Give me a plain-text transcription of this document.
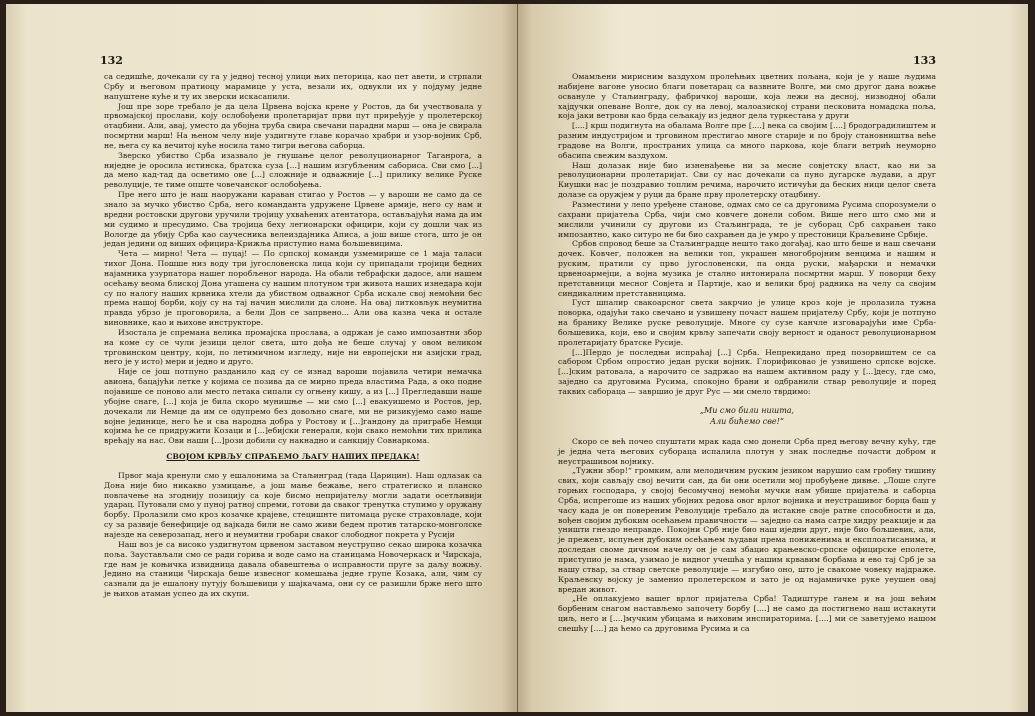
132

са седишће, дочекали су га у једној тесној улици њих петорица, као пет авети, и стрпали Србу и његовом пратиоцу марамице у уста, везали их, одвукли их у појдуму једне напуштене куће и ту их зверски искасапили.

Још пре зоре требало је да цела Црвена војска крене у Ростов, да би учествовала у првомајској прослави, коју ослобођени пролетаријат први пут приређује у пролетерској отаџбини. Али, авај, уместо да убојна труба свира свечани парадни марш — она је свирала посмртни марш! На њеном челу није уздигнуте главе корачао храбри и узор-војник Срб, не, њега су ка вечитој куће носила тамо тигри његова саборца.

Зверско убиство Срба изазвало је гнушање целог револуционарног Таганрога, а ниједне је оросила истинска, братска суза [...] нашим изгубљеним сабориса. Сви смо [...] да мено кад-тад да осветимо ове [...] сложније и одважније [...] прилику велике Руске револуције, те тиме опште човечанског ослобођења.

Пре него што је наш наоружани караван стигао у Ростов — у вароши не само да се знало за мучко убиство Срба, него команданта удружене Црвене армије, него су нам и вредни ростовски другови уручили тројицу ухваћених атентатора, остављајући нама да им ми судимо и пресудимо. Сва тројица беху легионарски официри, који су дошли чак из Вологде да убију Срба као саучесника велеиздајника Аписа, а још више стога, што је он један једини од виших официра-Крижља приступио нама бољшевицима.

Чета — мирно! Чета — пуцај! — По српској команди узмемирише се 1 маја таласи тихог Дона. Пошше низ воду три југословенска лица који су припадали тројици бедних најамника узурпатора нашег поробљеног народа. На обали тебрафски дадосе, али нашем осећању веома блиској Дона угашена су нашим плотуном три живота наших изнедара који су по налогу наших крвника хтели да убиством одважног Срба искале свој немоћни бес према нашој борби, коју су на тај начин мислили да слоне. На овај литковљук неумитна правда убрзо је проговорила, а бели Дон се запрвено... Али ова казна чека и остале виновнике, као и њихове инструкторе.

Изостала је спремана велика промајска прослава, а одржан је само импозантни збор на коме су се чули језици целог света, што дођа не беше случај у овом великом трговинском центру, који, по летимичном изгледу, није ни европејски ни азијски град, него је у исто) мери и једно и друго.

Није се још потпуно разданило кад су се изнад вароши појавила четири немачка авиона, бацајући летке у којима се позива да се мирно преда властима Рада, а око подне појавише се поново али место летака сипали су огњену кишу, а из [...] Прегледавши наше убојне снаге, [...] која је била скоро мунишње — ми смо [...] евакуишемо и Ростов, јер, дочекали ли Немце да им се одупремо без довољно снаге, ми не ризикујемо само наше војне јединице, него ће и сва народна добра у Ростову и [...]гандону да приграбе Немци којима ће се придружити Козаци и [...]ебијски генерали, који свако немоћни тих прилика врећају на нас. Ови наши [...]рози добили су накнадно и санкцију Совнаркома.

СВОЈОМ КРВЉУ СПРАЋЕМО ЉАГУ НАШИХ ПРЕДАКА!

Првог маја кренули смо у ешалонима за Стаљинград (тада Царицин). Наш одлазак са Дона није био никакво узмицање, а још мање бежање, него стратегиско и планско повлачење на згоднију позицију са које бисмо непријатељу могли задати осетљивији ударац. Путовали смо у пуној ратној спреми, готови да сваког тренутка ступимо у оружану борбу. Пролазили смо кроз козачке крајеве, стецишнте питомаца руске страховладе, који су за развије бенефиције од вајкада били не само живи бедем против татарско-монголске најезде на северозапад, него и неумитни гробари сваког слободног покрета у Русији

Наш воз је са високо уздигнутом црвеном заставом неуструпно секао широка козачка поља. Заустављали смо се ради горива и воде само на станицама Новочеркаск и Чирскаја, где нам је коњичка извидница давала обавештења о исправности пруге за даљу вожњу. Једино на станици Чирскаја беше извесног комешања једне групе Козака, али, чим су сазнали да је ешалону путују бољшевици у шајкачама, они су се разишли брже него што је њихов атаман успео да их скупи.

133

Омамљени мирисним ваздухом пролећњих цветних пољана, који је у наше људима набијене вагоне уносио благи поветарац са вазвните Волге, ми смо другог дана вожње освануле у Стаљинграду, фабричкој вароши, која лежи на десној, низводној обали хајдучки опеване Волге, док су на левој, малоазиској страни песковита номадска поља, која јаки ветрови као брда сељакају из једног дела туркестана у други

[....] крш подигнута на обалама Волге пре [....] века са својим [....] бродоградилиштем и разним индустријом и трговином престигао многе старије и по броју становништва веће градове на Волги, пространих улица са много паркова, које благи ветрић неуморно обасипа свежим ваздухом.

Наш долазак није био изненађење ни за месне совјетску власт, као ни за револуционарни пролетаријат. Сви су нас дочекали са пуно дугарске људави, а друг Киушки нас је поздравио топлим речима, нарочито истичући да беских ници целог света долазе са оружјем у руци да бране прву пролетерску отаџбину.

Разместини у лепо уређене станове, одмах смо се са друговима Русима спорозумели о сахрани пријатеља Срба, чији смо ковчеге донели собом. Више него што смо ми и мислили учинили су другови из Стаљинграда, те је суборац Срб сахрањен тако импозантно, како ситуро не би био сахрањен да је умро у престоници Краљевине Србије.

Србов спровод беше за Стаљинградце нешто тако догађај, као што беше и наш свечани дочек. Ковчег, положен на велики топ, украшен многобројним венцима и нашим и руским, пратили су прво југословенски, па онда руски, мађарски и немачки црвеноармејци, а војна музика је стално интонирала посмртни марш. У поворци беху претставници месног Совјета и Партије, као и велики број радника на челу са својим синдикалним претставницима.

Густ шпалир свакоарсног света закрчио је улице кроз које је пролазила тужна поворка, одајући тако свечано и узвишену почаст нашем пријатељу Србу, који је потпуно на бранику Велике руске револуције. Многе су сузе канчле изговарајући име Срба-бољшевика, који, ево и својим крвљу запечати своју верност и оданост револуционарном пролетаријату братске Русије.

[...]Пердо је последњи испраћај [...] Срба. Непрекидано пред позорвиштем се са сабором Србом опростио један руски војник. Глорификовао је узвишено српске војске. [...]ским ратовала, а нарочито се задржао на нашем активном раду у [...]десу, где смо, заједно са друговима Русима, спокојно брани и одбранили ствар револуције и поред таквих сабораца — завршио је друг Рус — ми смело тврдимо:

„Ми смо били ништа,
Али бићемо све!“

Скоро се већ почео спуштати мрак када смо донели Срба пред његову вечну кућу, где је једна чета његових субораца испалила плотун у знак последње почасти добром и неустрашивом војнику.

„Тужни збор!“ громким, али мелодичним руским језиком нарушио сам гробну тишину свих, који сављају свој вечити сан, да би они осетили мој пробуђене дивње. „Лоше слуге горњих господара, у својој бесомучној немоћи мучки нам убише пријатеља и саборца Срба, испрегоше из наших убојних редова овог врлог војника и неустрашивог борца баш у часу када је он повереним Револуције требало да истакне своје ратне способности и да, вођен својим дубоким осећањем правичности — заједно са нама сатре хидру реакције и да уништи гнездо неправде. Покојни Срб није био наш иједни друг, није био бољшевик, али, је прежевт, испуњен дубоким осећањем људави према пониженима и експлоатисанима, и доследан своме дичном начелу он је сам збацио крањевско-српске официрске еполете, приступио је нама, узимао је видног учешћа у нашим крвавим борбама и ево тај Срб је за нашу ствар, за ствар светске револуције — изгубио оно, што је свакоме човеку најдраже. Краљевску војску је заменио пролетерском и зато је од најамничке руке уеушен овај вредан живот.

„Не оплакујемо вашег врлог пријатеља Срба! Тадиштуре ганем и на још већим борбеним снагом настављемо започету борбу [....] не само да постигнемо наш истакнути циљ, него и [....]мучким убицама и њиховим инспираторима. [....] ми се заветујемо нашом свешћу [....] да ћемо са друговима Русима и са
